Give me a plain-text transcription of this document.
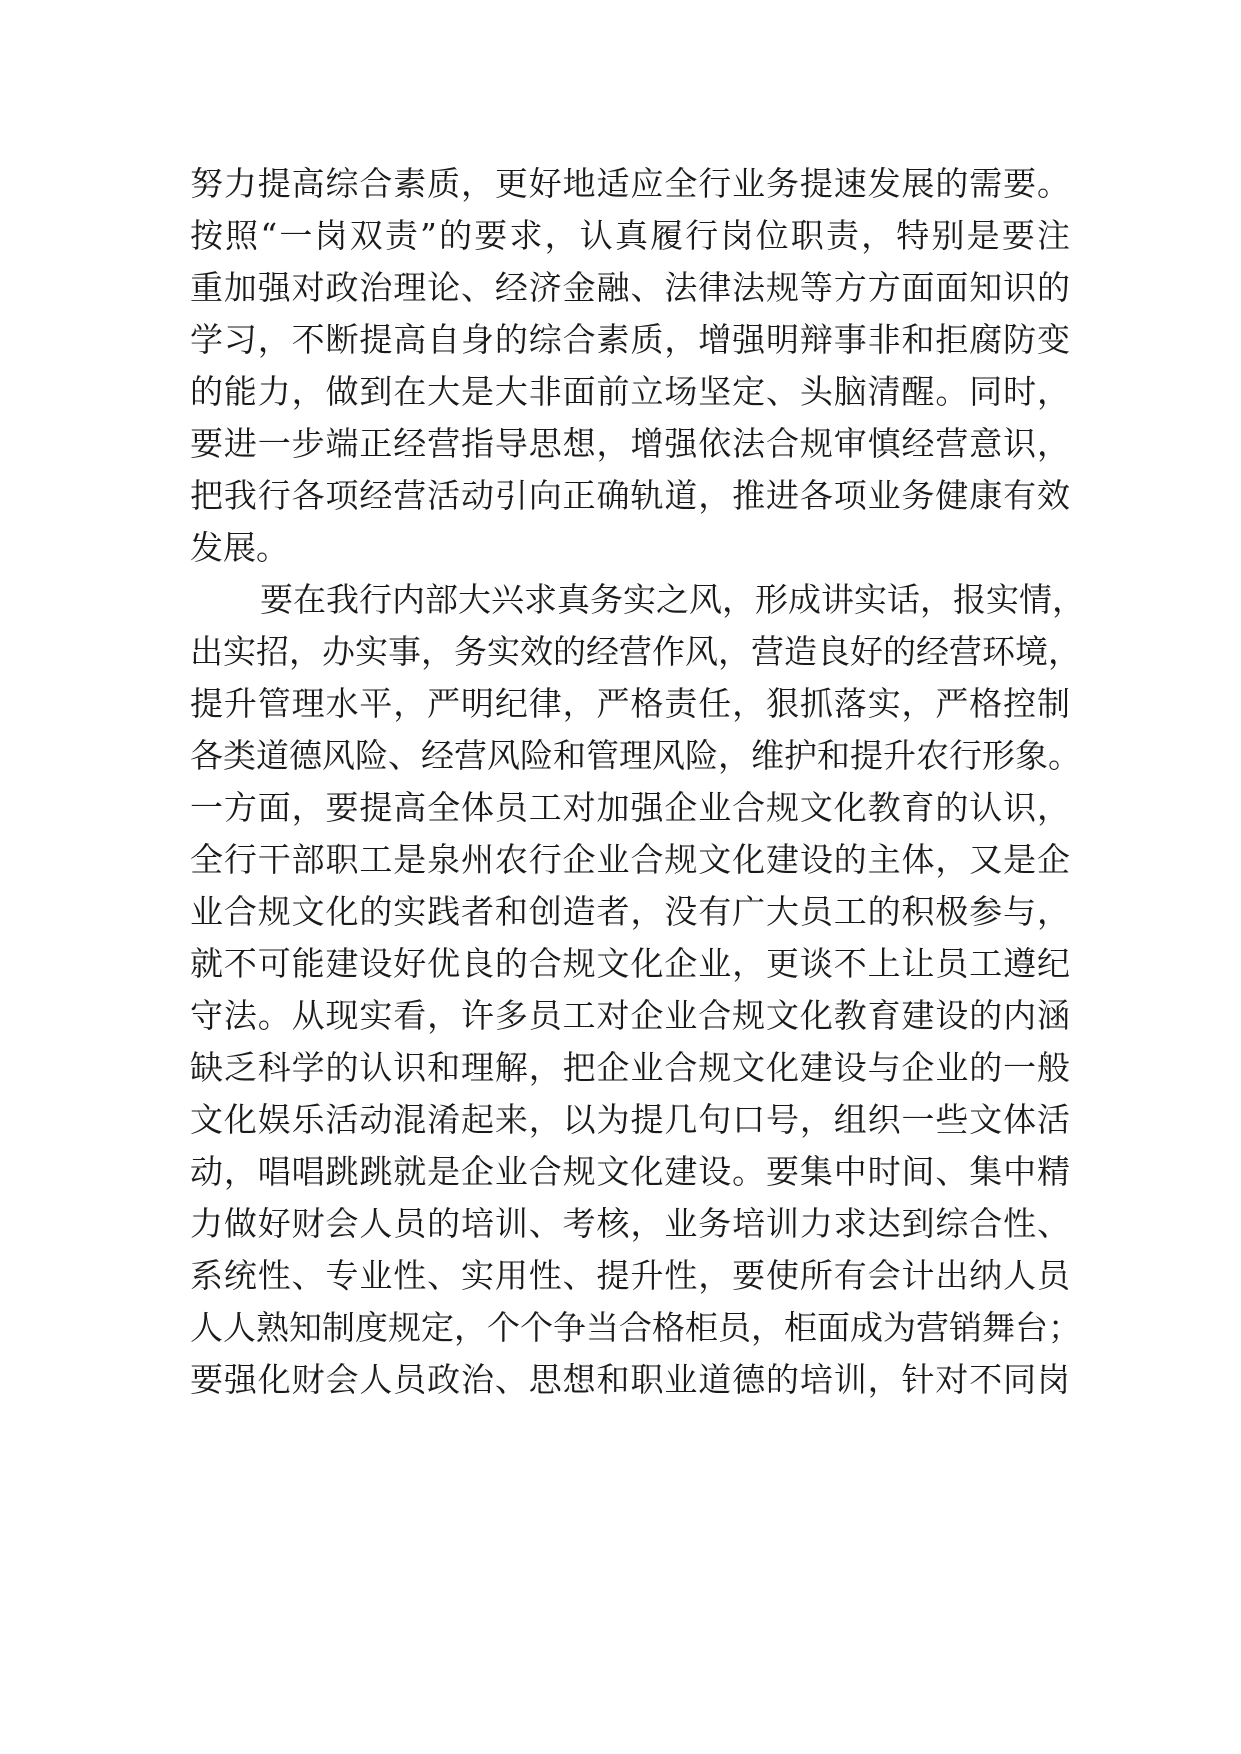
努力提高综合素质，更好地适应全行业务提速发展的需要。
按照“一岗双责”的要求，认真履行岗位职责，特别是要注
重加强对政治理论、经济金融、法律法规等方方面面知识的
学习，不断提高自身的综合素质，增强明辩事非和拒腐防变
的能力，做到在大是大非面前立场坚定、头脑清醒。同时，
要进一步端正经营指导思想，增强依法合规审慎经营意识，
把我行各项经营活动引向正确轨道，推进各项业务健康有效
发展。
要在我行内部大兴求真务实之风，形成讲实话，报实情，
出实招，办实事，务实效的经营作风，营造良好的经营环境，
提升管理水平，严明纪律，严格责任，狠抓落实，严格控制
各类道德风险、经营风险和管理风险，维护和提升农行形象。
一方面，要提高全体员工对加强企业合规文化教育的认识，
全行干部职工是泉州农行企业合规文化建设的主体，又是企
业合规文化的实践者和创造者，没有广大员工的积极参与，
就不可能建设好优良的合规文化企业，更谈不上让员工遵纪
守法。从现实看，许多员工对企业合规文化教育建设的内涵
缺乏科学的认识和理解，把企业合规文化建设与企业的一般
文化娱乐活动混淆起来，以为提几句口号，组织一些文体活
动，唱唱跳跳就是企业合规文化建设。要集中时间、集中精
力做好财会人员的培训、考核，业务培训力求达到综合性、
系统性、专业性、实用性、提升性，要使所有会计出纳人员
人人熟知制度规定，个个争当合格柜员，柜面成为营销舞台；
要强化财会人员政治、思想和职业道德的培训，针对不同岗
